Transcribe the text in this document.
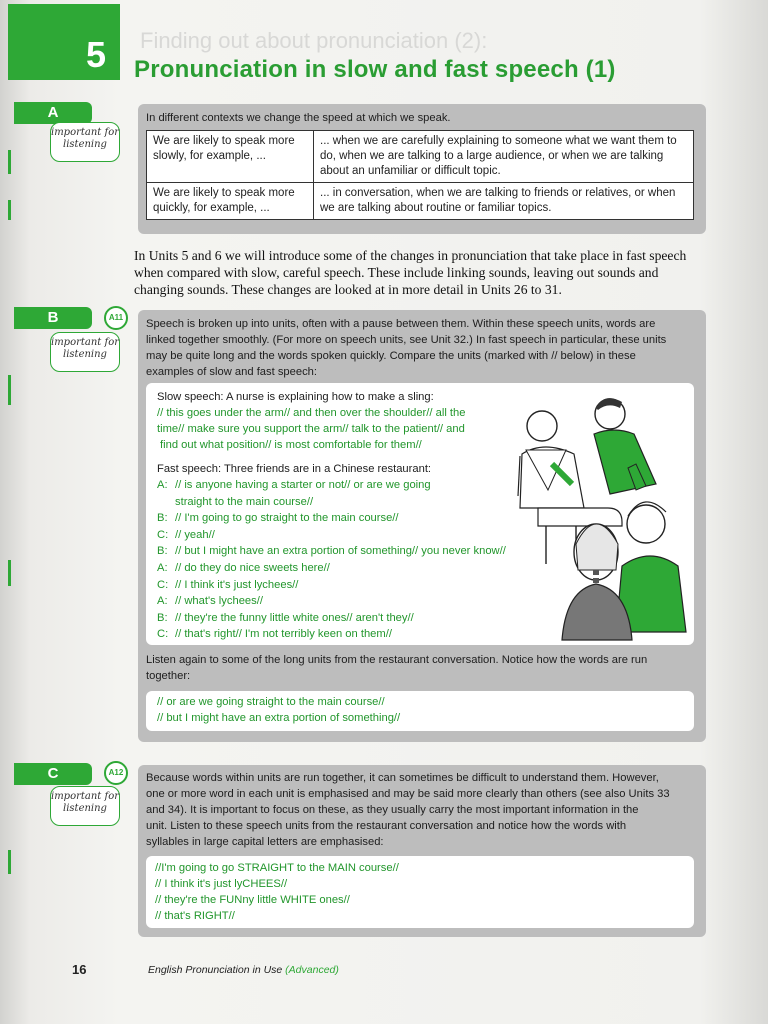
Finding out about pronunciation (2):
5 Pronunciation in slow and fast speech (1)
A
important for listening
In different contexts we change the speed at which we speak.
We are likely to speak more slowly, for example, ...	... when we are carefully explaining to someone what we want them to do, when we are talking to a large audience, or when we are talking about an unfamiliar or difficult topic.
We are likely to speak more quickly, for example, ...	... in conversation, when we are talking to friends or relatives, or when we are talking about routine or familiar topics.
In Units 5 and 6 we will introduce some of the changes in pronunciation that take place in fast speech when compared with slow, careful speech. These include linking sounds, leaving out sounds and changing sounds. These changes are looked at in more detail in Units 26 to 31.
B	A11
important for listening
Speech is broken up into units, often with a pause between them. Within these speech units, words are
linked together smoothly. (For more on speech units, see Unit 32.) In fast speech in particular, these units
may be quite long and the words spoken quickly. Compare the units (marked with // below) in these
examples of slow and fast speech:
Slow speech: A nurse is explaining how to make a sling:
// this goes under the arm// and then over the shoulder// all the
time// make sure you support the arm// talk to the patient// and
find out what position// is most comfortable for them//
Fast speech: Three friends are in a Chinese restaurant:
A: // is anyone having a starter or not// or are we going
straight to the main course//
B: // I'm going to go straight to the main course//
C: // yeah//
B: // but I might have an extra portion of something// you never know//
A: // do they do nice sweets here//
C: // I think it's just lychees//
A: // what's lychees//
B: // they're the funny little white ones// aren't they//
C: // that's right// I'm not terribly keen on them//
Listen again to some of the long units from the restaurant conversation. Notice how the words are run
together:
// or are we going straight to the main course//
// but I might have an extra portion of something//
C	A12
important for listening
Because words within units are run together, it can sometimes be difficult to understand them. However,
one or more word in each unit is emphasised and may be said more clearly than others (see also Units 33
and 34). It is important to focus on these, as they usually carry the most important information in the
unit. Listen to these speech units from the restaurant conversation and notice how the words with
syllables in large capital letters are emphasised:
//I'm going to go STRAIGHT to the MAIN course//
// I think it's just lyCHEES//
// they're the FUNny little WHITE ones//
// that's RIGHT//
16	English Pronunciation in Use (Advanced)
